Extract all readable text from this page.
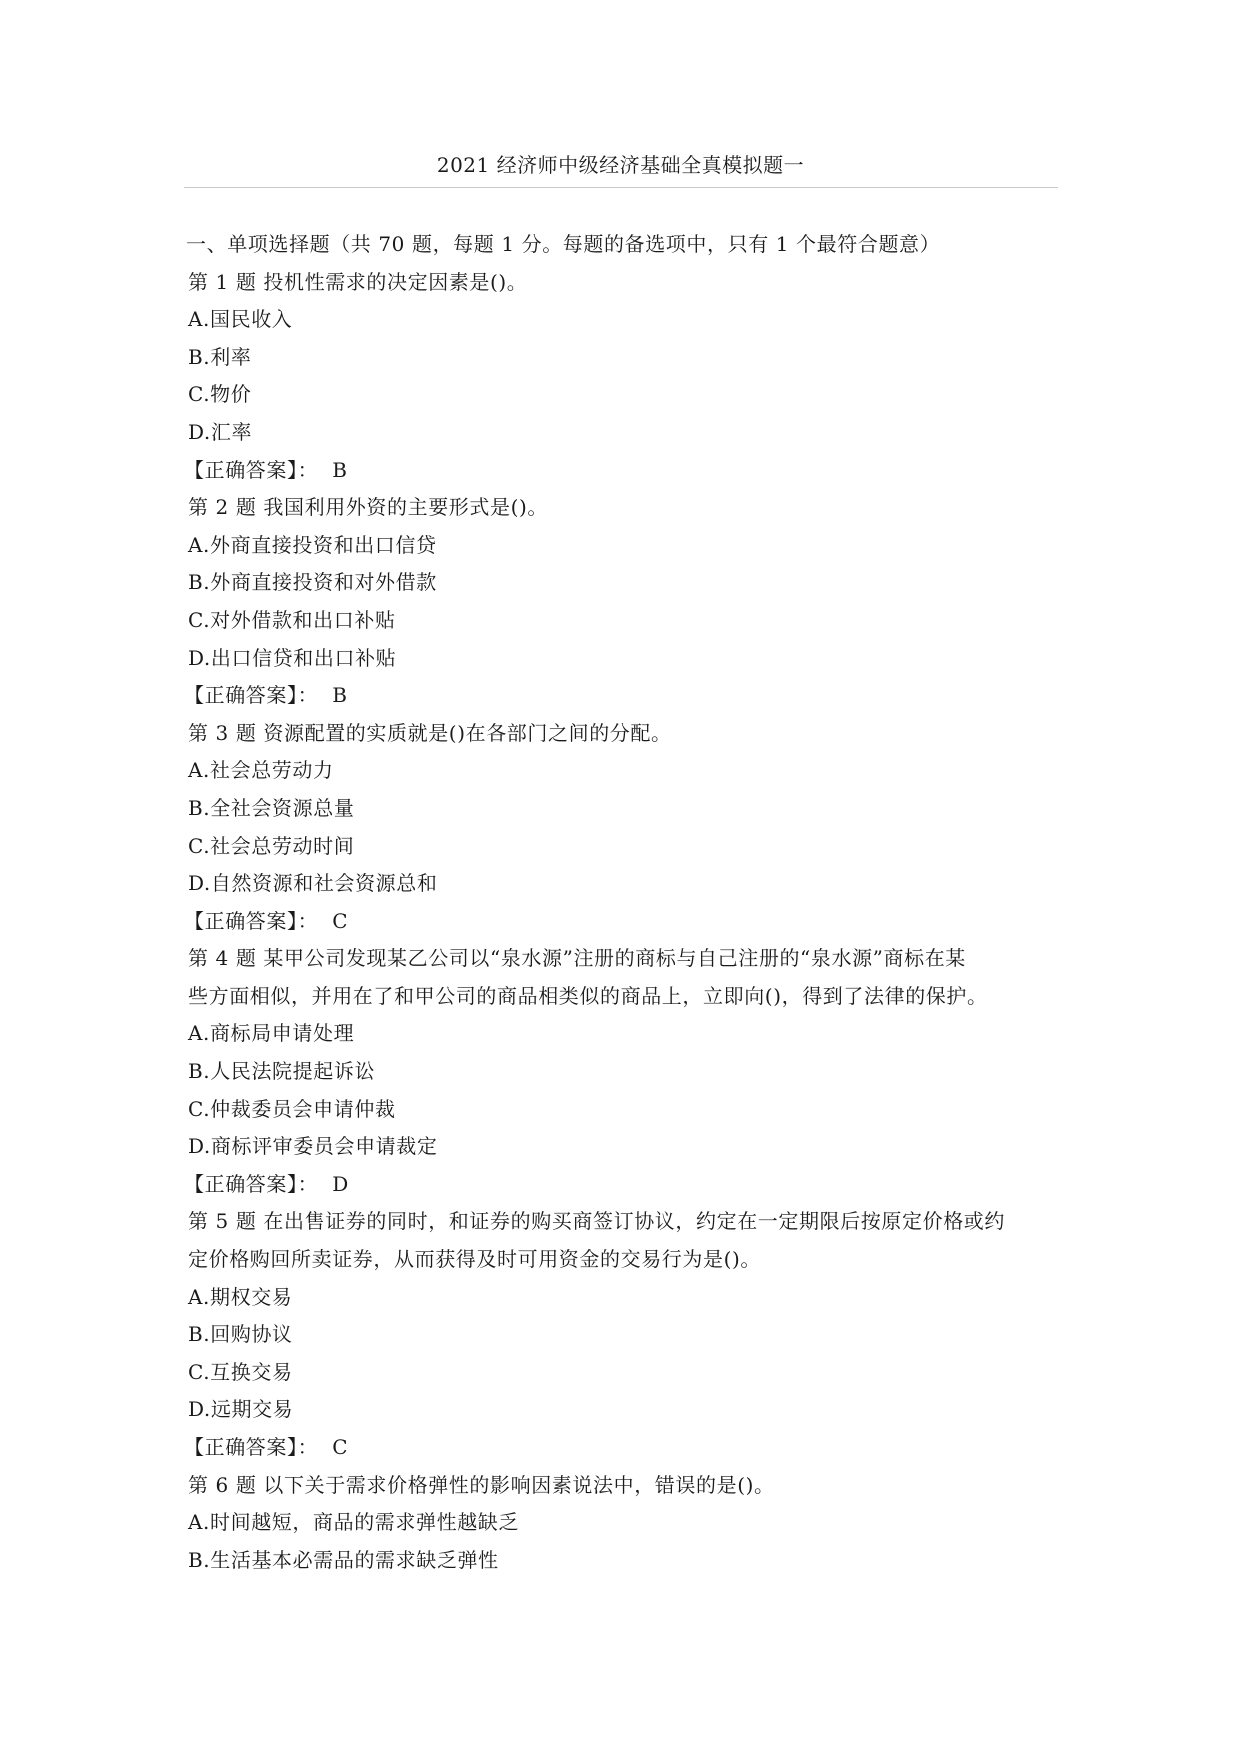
2021 经济师中级经济基础全真模拟题一
一、单项选择题（共 70 题，每题 1 分。每题的备选项中，只有 1 个最符合题意）
第 1 题 投机性需求的决定因素是()。
A.国民收入
B.利率
C.物价
D.汇率
【正确答案】： B
第 2 题 我国利用外资的主要形式是()。
A.外商直接投资和出口信贷
B.外商直接投资和对外借款
C.对外借款和出口补贴
D.出口信贷和出口补贴
【正确答案】： B
第 3 题 资源配置的实质就是()在各部门之间的分配。
A.社会总劳动力
B.全社会资源总量
C.社会总劳动时间
D.自然资源和社会资源总和
【正确答案】： C
第 4 题 某甲公司发现某乙公司以“泉水源”注册的商标与自己注册的“泉水源”商标在某
些方面相似，并用在了和甲公司的商品相类似的商品上，立即向()，得到了法律的保护。
A.商标局申请处理
B.人民法院提起诉讼
C.仲裁委员会申请仲裁
D.商标评审委员会申请裁定
【正确答案】： D
第 5 题 在出售证券的同时，和证券的购买商签订协议，约定在一定期限后按原定价格或约
定价格购回所卖证券，从而获得及时可用资金的交易行为是()。
A.期权交易
B.回购协议
C.互换交易
D.远期交易
【正确答案】： C
第 6 题 以下关于需求价格弹性的影响因素说法中，错误的是()。
A.时间越短，商品的需求弹性越缺乏
B.生活基本必需品的需求缺乏弹性
